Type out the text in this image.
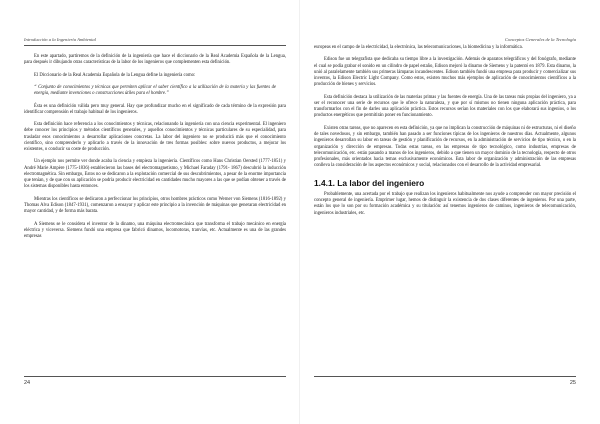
Introducción a la Ingeniería Ambiental

En este apartado, partiremos de la definición de la ingeniería que hace el diccionario de la Real Academia Española de la Lengua, para después ir dibujando otras características de la labor de los ingenieros que complementen esta definición.

El Diccionario de la Real Academia Española de la Lengua define la ingeniería como:

“ Conjunto de conocimientos y técnicas que permiten aplicar el saber científico a la utilización de la materia y las fuentes de energía, mediante invenciones o construcciones útiles para el hombre.”

Ésta es una definición válida pero muy general. Hay que profundizar mucho en el significado de cada término de la expresión para identificar comprensión el trabajo habitual de los ingenieros.

Esta definición hace referencia a los conocimientos y técnicas, relacionando la ingeniería con una ciencia experimental. El ingeniero debe conocer los principios y métodos científicos generales, y aquellos conocimientos y técnicas particulares de su especialidad, para trasladar esos conocimientos a desarrollar aplicaciones concretas. La labor del ingeniero no se producirá más que el conocimiento científico, sino comprenderlo y aplicarlo a través de la innovación de tres formas posibles: sobre nuevos productos, a mejorar los existentes, o conducir su coste de producción.

Un ejemplo nos permite ver donde acaba la ciencia y empieza la ingeniería. Científicos como Hans Christian Oersted (1777-1851) y André Marie Ampère (1775-1836) establecieron las bases del electromagnetismo, y Michael Faraday (1791- 1867) descubrió la inducción electromagnética. Sin embargo, Estos no se dedicaron a la explotación comercial de sus descubrimientos, a pesar de la enorme importancia que tenían, y de que con su aplicación se podría producir electricidad en cantidades mucho mayores a las que se podían obtener a través de los sistemas disponibles hasta entonces.

Mientras los científicos se dedicaron a perfeccionar los principios, otros hombres prácticos como Werner von Siemens (1816-1892) y Thomas Alva Edison (1847-1931), comenzaron a ensayar y aplicar este principio a la invención de máquinas que generaran electricidad en mayor cantidad, y de forma más barata.

A Siemens se le considera el inventor de la dinamo, una máquina electromecánica que transforma el trabajo mecánico en energía eléctrica y viceversa. Siemens fundó una empresa que fabricó dinamos, locomotoras, tranvías, etc. Actualmente es una de las grandes empresas

24
Conceptos Generales de la Tecnología

europeas en el campo de la electricidad, la electrónica, las telecomunicaciones, la biomedicina y la informática.

Edison fue un telegrafista que dedicaba su tiempo libre a la investigación. Además de aparatos telegráficos y del fonógrafo, mediante el cual se podía grabar el sonido en un cilindro de papel estaño, Edison mejoró la dinamo de Siemens y la patentó en 1879. Esta dinamo, la unió al paralelamente también sus primeras lámparas incandescentes. Edison también fundó una empresa para producir y comercializar sus inventos, la Edison Electric Light Company. Como estos, existen muchos más ejemplos de aplicación de conocimientos científicos a la producción de bienes y servicios.

Esta definición destaca la utilización de las materias primas y las fuentes de energía. Una de las tareas más propias del ingeniero, ya a ser el reconocer una serie de recursos que le ofrece la naturaleza, y que por sí mismos no tienen ninguna aplicación práctica, para transformarlos con el fin de darles una aplicación práctica. Estos recursos serían los materiales con los que elaborará sus ingenios, o los productos energéticos que permitirán poner en funcionamiento.

Existen otras tareas, que no aparecen en esta definición, ya que no implican la construcción de máquinas ni de estructuras, ni el diseño de tales novedosos, y sin embargo, también han pasado a ser funciones típicas de los ingenieros de nuestros días. Actualmente, algunos ingenieros desarrollan su labor en tareas de gestión y planificación de recursos, en la administración de servicios de tipo técnico, o en la organización y dirección de empresas. Todas estas tareas, en las empresas de tipo tecnológico, como industrias, empresas de telecomunicación, etc. están pasando a manos de los ingenieros, debido a que tienen un mayor dominio de la tecnología, respecto de otros profesionales, más orientados hacia temas exclusivamente económicos. Esta labor de organización y administración de las empresas conlleva la consideración de los aspectos económicos y social, relacionados con el desarrollo de la actividad empresarial.

1.4.1. La labor del ingeniero

Probablemente, una acertada por el trabajo que realizan los ingenieros habitualmente nos ayude a comprender con mayor precisión el concepto general de ingeniería. Emprimer lugar, hemos de distinguir la existencia de dos clases diferentes de ingenieros. Por una parte, están los que lo son por su formación académica y su titulación: así tenemos ingenieros de caminos, ingenieros de telecomunicación, ingenieros industriales, etc.

25
